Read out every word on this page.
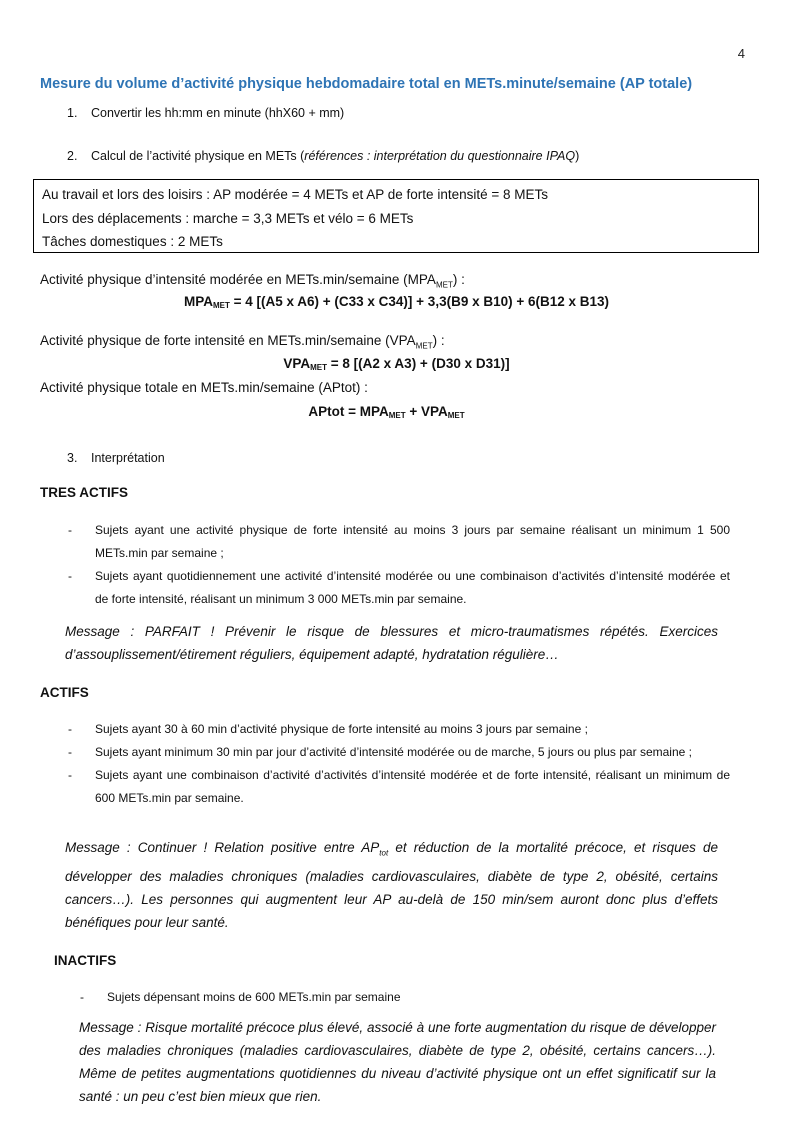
4
Mesure du volume d’activité physique hebdomadaire total en METs.minute/semaine (AP totale)
1. Convertir les hh:mm en minute (hhX60 + mm)
2. Calcul de l’activité physique en METs (références : interprétation du questionnaire IPAQ)
Au travail et lors des loisirs : AP modérée = 4 METs et AP de forte intensité = 8 METs
Lors des déplacements : marche = 3,3 METs et vélo = 6 METs
Tâches domestiques : 2 METs
Activité physique d’intensité modérée en METs.min/semaine $(MPA_{MET})$ :
$MPA_{MET} = 4$ [(A5 x A6) + (C33 x C34)] + 3,3(B9 x B10) + 6(B12 x B13)
Activité physique de forte intensité en METs.min/semaine $(VPA_{MET})$ :
$VPA_{MET} = 8$ [(A2 x A3) + (D30 x D31)]
Activité physique totale en METs.min/semaine (APtot) :
APtot = $MPA_{MET} + VPA_{MET}$
3. Interprétation
TRES ACTIFS
- Sujets ayant une activité physique de forte intensité au moins 3 jours par semaine réalisant un minimum 1 500 METs.min par semaine ;
- Sujets ayant quotidiennement une activité d’intensité modérée ou une combinaison d’activités d’intensité modérée et de forte intensité, réalisant un minimum 3 000 METs.min par semaine.
Message : PARFAIT ! Prévenir le risque de blessures et micro-traumatismes répétés. Exercices d’assouplissement/étirement réguliers, équipement adapté, hydratation régulière…
ACTIFS
- Sujets ayant 30 à 60 min d’activité physique de forte intensité au moins 3 jours par semaine ;
- Sujets ayant minimum 30 min par jour d’activité d’intensité modérée ou de marche, 5 jours ou plus par semaine ;
- Sujets ayant une combinaison d’activité d’activités d’intensité modérée et de forte intensité, réalisant un minimum de 600 METs.min par semaine.
Message : Continuer ! Relation positive entre $AP_{tot}$ et réduction de la mortalité précoce, et risques de développer des maladies chroniques (maladies cardiovasculaires, diabète de type 2, obésité, certains cancers…). Les personnes qui augmentent leur AP au-delà de 150 min/sem auront donc plus d’effets bénéfiques pour leur santé.
INACTIFS
- Sujets dépensant moins de 600 METs.min par semaine
Message : Risque mortalité précoce plus élevé, associé à une forte augmentation du risque de développer des maladies chroniques (maladies cardiovasculaires, diabète de type 2, obésité, certains cancers…). Même de petites augmentations quotidiennes du niveau d’activité physique ont un effet significatif sur la santé : un peu c’est bien mieux que rien.
